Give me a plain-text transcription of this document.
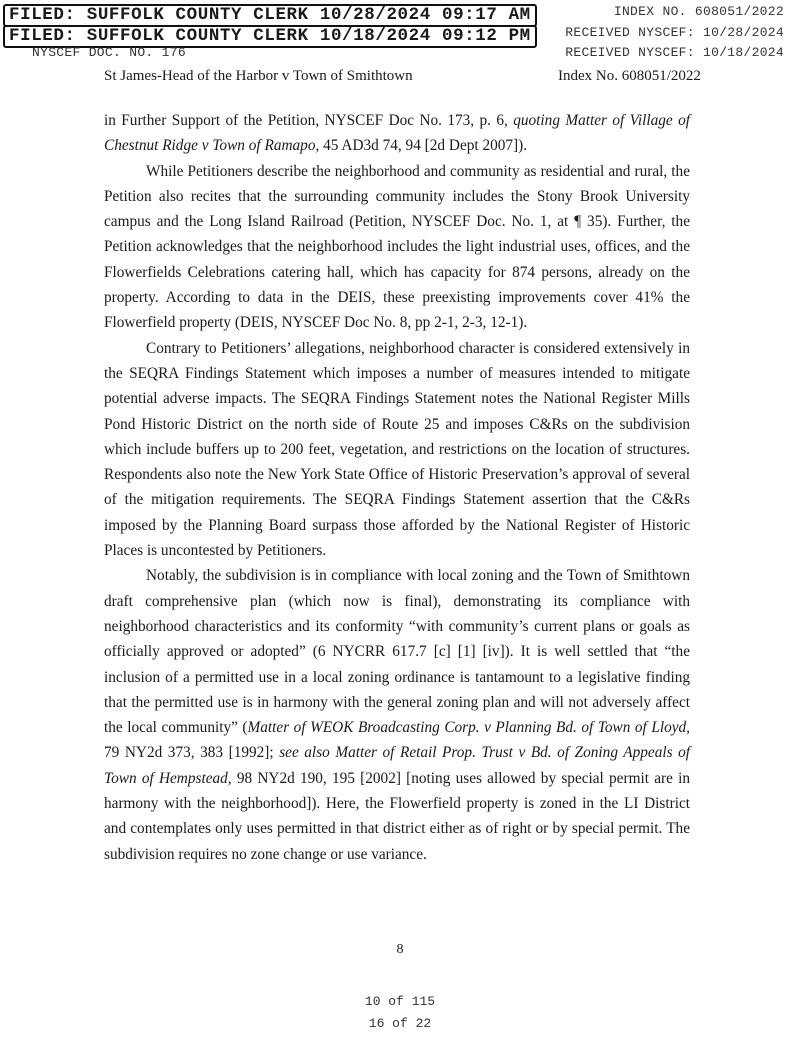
FILED: SUFFOLK COUNTY CLERK 10/28/2024 09:17 AM
FILED: SUFFOLK COUNTY CLERK 10/18/2024 09:12 PM
INDEX NO. 608051/2022
RECEIVED NYSCEF: 10/28/2024
NYSCEF DOC. NO. 176	RECEIVED NYSCEF: 10/18/2024
St James-Head of the Harbor v Town of Smithtown	Index No. 608051/2022

in Further Support of the Petition, NYSCEF Doc No. 173, p. 6, quoting Matter of Village of Chestnut Ridge v Town of Ramapo, 45 AD3d 74, 94 [2d Dept 2007]).

While Petitioners describe the neighborhood and community as residential and rural, the Petition also recites that the surrounding community includes the Stony Brook University campus and the Long Island Railroad (Petition, NYSCEF Doc. No. 1, at ¶ 35). Further, the Petition acknowledges that the neighborhood includes the light industrial uses, offices, and the Flowerfields Celebrations catering hall, which has capacity for 874 persons, already on the property. According to data in the DEIS, these preexisting improvements cover 41% the Flowerfield property (DEIS, NYSCEF Doc No. 8, pp 2-1, 2-3, 12-1).

Contrary to Petitioners’ allegations, neighborhood character is considered extensively in the SEQRA Findings Statement which imposes a number of measures intended to mitigate potential adverse impacts. The SEQRA Findings Statement notes the National Register Mills Pond Historic District on the north side of Route 25 and imposes C&Rs on the subdivision which include buffers up to 200 feet, vegetation, and restrictions on the location of structures. Respondents also note the New York State Office of Historic Preservation’s approval of several of the mitigation requirements. The SEQRA Findings Statement assertion that the C&Rs imposed by the Planning Board surpass those afforded by the National Register of Historic Places is uncontested by Petitioners.

Notably, the subdivision is in compliance with local zoning and the Town of Smithtown draft comprehensive plan (which now is final), demonstrating its compliance with neighborhood characteristics and its conformity “with community’s current plans or goals as officially approved or adopted” (6 NYCRR 617.7 [c] [1] [iv]). It is well settled that “the inclusion of a permitted use in a local zoning ordinance is tantamount to a legislative finding that the permitted use is in harmony with the general zoning plan and will not adversely affect the local community” (Matter of WEOK Broadcasting Corp. v Planning Bd. of Town of Lloyd, 79 NY2d 373, 383 [1992]; see also Matter of Retail Prop. Trust v Bd. of Zoning Appeals of Town of Hempstead, 98 NY2d 190, 195 [2002] [noting uses allowed by special permit are in harmony with the neighborhood]). Here, the Flowerfield property is zoned in the LI District and contemplates only uses permitted in that district either as of right or by special permit. The subdivision requires no zone change or use variance.

8
10 of 115
16 of 22
